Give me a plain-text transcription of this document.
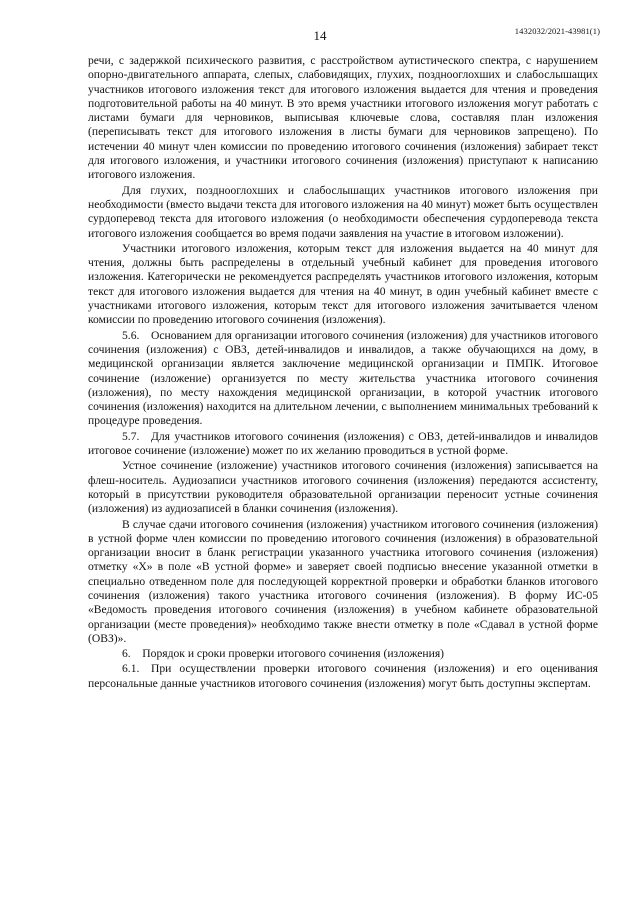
14	1432032/2021-43981(1)

речи, с задержкой психического развития, с расстройством аутистического спектра, с нарушением опорно-двигательного аппарата, слепых, слабовидящих, глухих, позднооглохших и слабослышащих участников итогового изложения текст для итогового изложения выдается для чтения и проведения подготовительной работы на 40 минут. В это время участники итогового изложения могут работать с листами бумаги для черновиков, выписывая ключевые слова, составляя план изложения (переписывать текст для итогового изложения в листы бумаги для черновиков запрещено). По истечении 40 минут член комиссии по проведению итогового сочинения (изложения) забирает текст для итогового изложения, и участники итогового сочинения (изложения) приступают к написанию итогового изложения.

Для глухих, позднооглохших и слабослышащих участников итогового изложения при необходимости (вместо выдачи текста для итогового изложения на 40 минут) может быть осуществлен сурдоперевод текста для итогового изложения (о необходимости обеспечения сурдоперевода текста итогового изложения сообщается во время подачи заявления на участие в итоговом изложении).

Участники итогового изложения, которым текст для изложения выдается на 40 минут для чтения, должны быть распределены в отдельный учебный кабинет для проведения итогового изложения. Категорически не рекомендуется распределять участников итогового изложения, которым текст для итогового изложения выдается для чтения на 40 минут, в один учебный кабинет вместе с участниками итогового изложения, которым текст для итогового изложения зачитывается членом комиссии по проведению итогового сочинения (изложения).

5.6. Основанием для организации итогового сочинения (изложения) для участников итогового сочинения (изложения) с ОВЗ, детей-инвалидов и инвалидов, а также обучающихся на дому, в медицинской организации является заключение медицинской организации и ПМПК. Итоговое сочинение (изложение) организуется по месту жительства участника итогового сочинения (изложения), по месту нахождения медицинской организации, в которой участник итогового сочинения (изложения) находится на длительном лечении, с выполнением минимальных требований к процедуре проведения.

5.7. Для участников итогового сочинения (изложения) с ОВЗ, детей-инвалидов и инвалидов итоговое сочинение (изложение) может по их желанию проводиться в устной форме.

Устное сочинение (изложение) участников итогового сочинения (изложения) записывается на флеш-носитель. Аудиозаписи участников итогового сочинения (изложения) передаются ассистенту, который в присутствии руководителя образовательной организации переносит устные сочинения (изложения) из аудиозаписей в бланки сочинения (изложения).

В случае сдачи итогового сочинения (изложения) участником итогового сочинения (изложения) в устной форме член комиссии по проведению итогового сочинения (изложения) в образовательной организации вносит в бланк регистрации указанного участника итогового сочинения (изложения) отметку «X» в поле «В устной форме» и заверяет своей подписью внесение указанной отметки в специально отведенном поле для последующей корректной проверки и обработки бланков итогового сочинения (изложения) такого участника итогового сочинения (изложения). В форму ИС-05 «Ведомость проведения итогового сочинения (изложения) в учебном кабинете образовательной организации (месте проведения)» необходимо также внести отметку в поле «Сдавал в устной форме (ОВЗ)».

6. Порядок и сроки проверки итогового сочинения (изложения)

6.1. При осуществлении проверки итогового сочинения (изложения) и его оценивания персональные данные участников итогового сочинения (изложения) могут быть доступны экспертам.
